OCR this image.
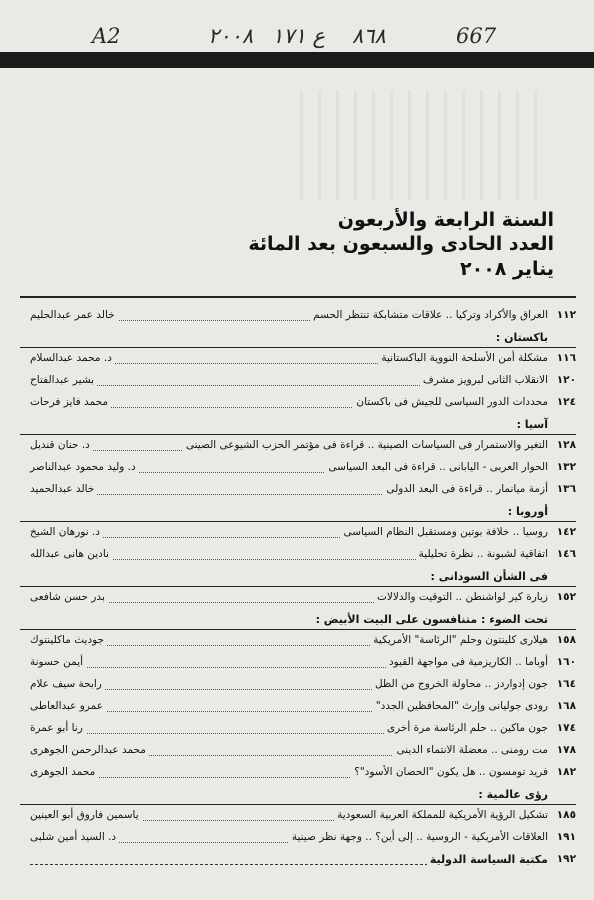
A2	٢٠٠٨ ع ١٧١ ٨٦٨	667
السنة الرابعة والأربعون
العدد الحادى والسبعون بعد المائة
يناير ٢٠٠٨
١١٢
العراق والأكراد وتركيا .. علاقات متشابكة تنتظر الحسم
خالد عمر عبدالحليم
باكستان :
١١٦
مشكلة أمن الأسلحة النووية الباكستانية
د. محمد عبدالسلام
١٢٠
الانقلاب الثانى لبرويز مشرف
بشير عبدالفتاح
١٢٤
محددات الدور السياسى للجيش فى باكستان
محمد فايز فرحات
آسيا :
١٢٨
التغير والاستمرار فى السياسات الصينية .. قراءة فى مؤتمر الحزب الشيوعى الصينى
د. حنان قنديل
١٣٢
الحوار العربى - اليابانى .. قراءة فى البعد السياسى
د. وليد محمود عبدالناصر
١٣٦
أزمة ميانمار .. قراءة فى البعد الدولى
خالد عبدالحميد
أوروبا :
١٤٢
روسيا .. خلافة بوتين ومستقبل النظام السياسى
د. نورهان الشيخ
١٤٦
اتفاقية لشبونة .. نظرة تحليلية
نادين هانى عبدالله
فى الشأن السودانى :
١٥٢
زيارة كير لواشنطن .. التوقيت والدلالات
بدر حسن شافعى
تحت الضوء : متنافسون على البيت الأبيض :
١٥٨
هيلارى كلينتون وحلم "الرئاسة" الأمريكية
جوديث ماكلينتوك
١٦٠
أوباما .. الكاريزمية فى مواجهة القيود
أيمن حسونة
١٦٤
جون إدواردز .. محاولة الخروج من الظل
رابحة سيف علام
١٦٨
رودى جوليانى وإرث "المحافظين الجدد"
عمرو عبدالعاطى
١٧٤
جون ماكين .. حلم الرئاسة مرة أخرى
رنا أبو عمرة
١٧٨
مت رومنى .. معضلة الانتماء الدينى
محمد عبدالرحمن الجوهرى
١٨٢
فريد تومسون .. هل يكون "الحصان الأسود"؟
محمد الجوهرى
رؤى عالمية :
١٨٥
تشكيل الرؤية الأمريكية للمملكة العربية السعودية
ياسمين فاروق أبو العينين
١٩١
العلاقات الأمريكية - الروسية .. إلى أين؟ .. وجهة نظر صينية
د. السيد أمين شلبى
١٩٢
مكتبة السياسة الدولية
